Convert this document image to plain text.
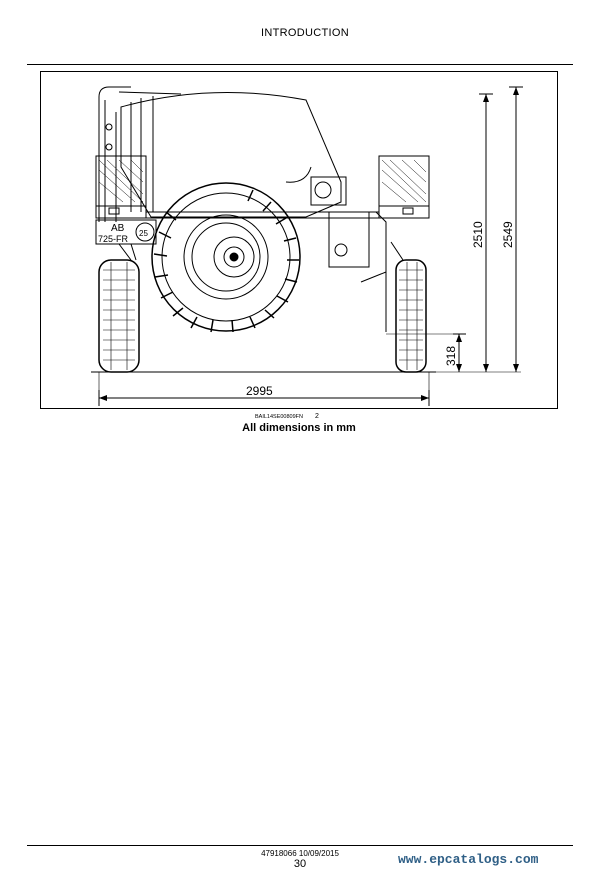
INTRODUCTION
AB
725-FR
25
2995
318
2510 2549
BAIL14SE00809FN 2
All dimensions in mm
47918066 10/09/2015
30	www.epcatalogs.com
